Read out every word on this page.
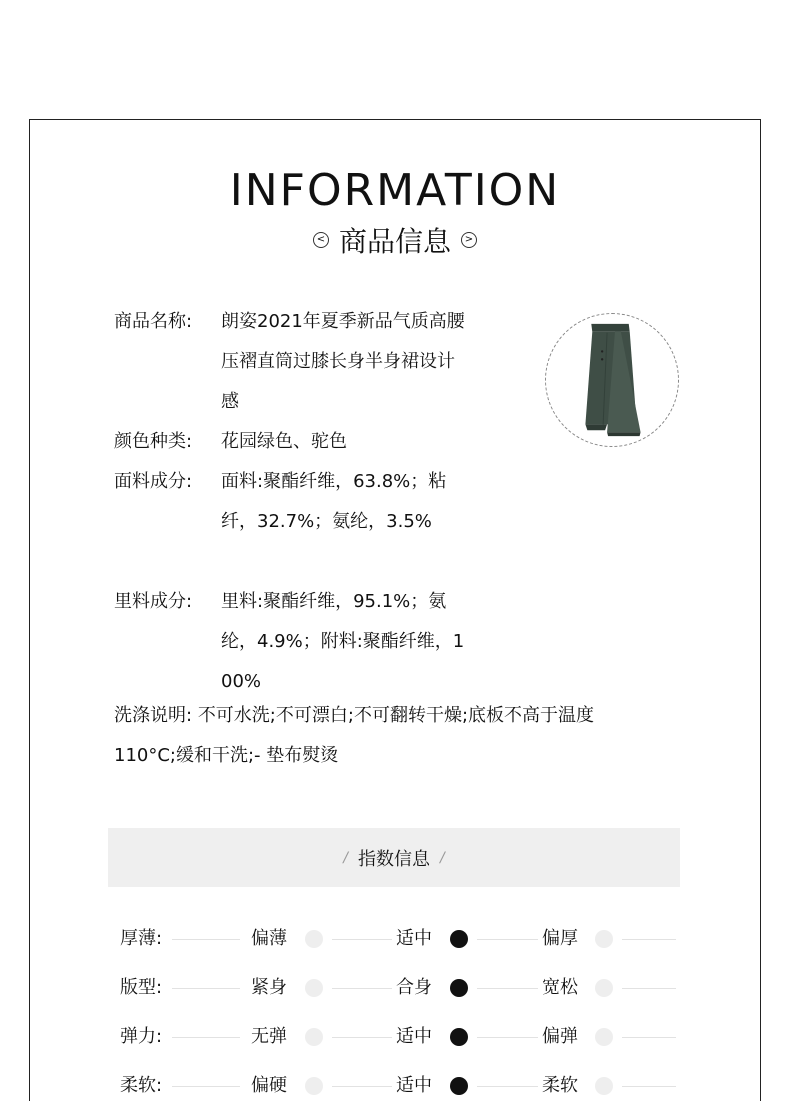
INFORMATION
< 商品信息	>
商品名称:	朗姿2021年夏季新品气质高腰
压褶直筒过膝长身半身裙设计
感
颜色种类:	花园绿色、驼色
面料成分:	面料:聚酯纤维，63.8%；粘
纤，32.7%；氨纶，3.5%
里料成分:	里料:聚酯纤维，95.1%；氨
纶，4.9%；附料:聚酯纤维，1
00%
洗涤说明: 不可水洗;不可漂白;不可翻转干燥;底板不高于温度
110°C;缓和干洗;- 垫布熨烫
/ 指数信息 /
厚薄:	偏薄	适中	偏厚
版型:	紧身	合身	宽松
弹力:	无弹	适中	偏弹
柔软:	偏硬	适中	柔软
